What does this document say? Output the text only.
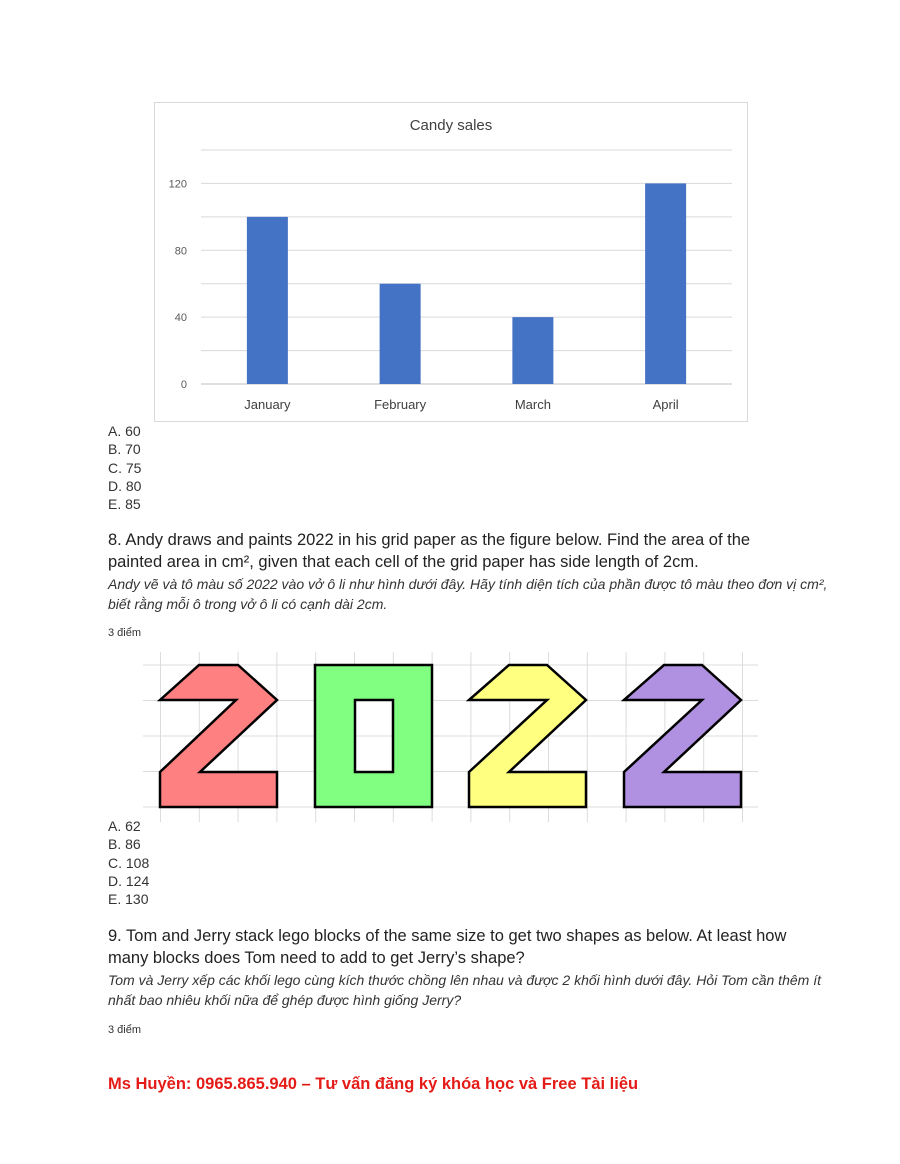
Candy sales
0
40
80
120
January	February	March	April
A. 60
B. 70
C. 75
D. 80
E. 85
8. Andy draws and paints 2022 in his grid paper as the figure below. Find the area of the painted area in cm², given that each cell of the grid paper has side length of 2cm.
Andy vẽ và tô màu số 2022 vào vở ô li như hình dưới đây. Hãy tính diện tích của phần được tô màu theo đơn vị cm², biết rằng mỗi ô trong vở ô li có cạnh dài 2cm.
3 điểm
A. 62
B. 86
C. 108
D. 124
E. 130
9. Tom and Jerry stack lego blocks of the same size to get two shapes as below. At least how many blocks does Tom need to add to get Jerry’s shape?
Tom và Jerry xếp các khối lego cùng kích thước chồng lên nhau và được 2 khối hình dưới đây. Hỏi Tom cần thêm ít nhất bao nhiêu khối nữa để ghép được hình giống Jerry?
3 điểm
Ms Huyền: 0965.865.940 – Tư vấn đăng ký khóa học và Free Tài liệu
